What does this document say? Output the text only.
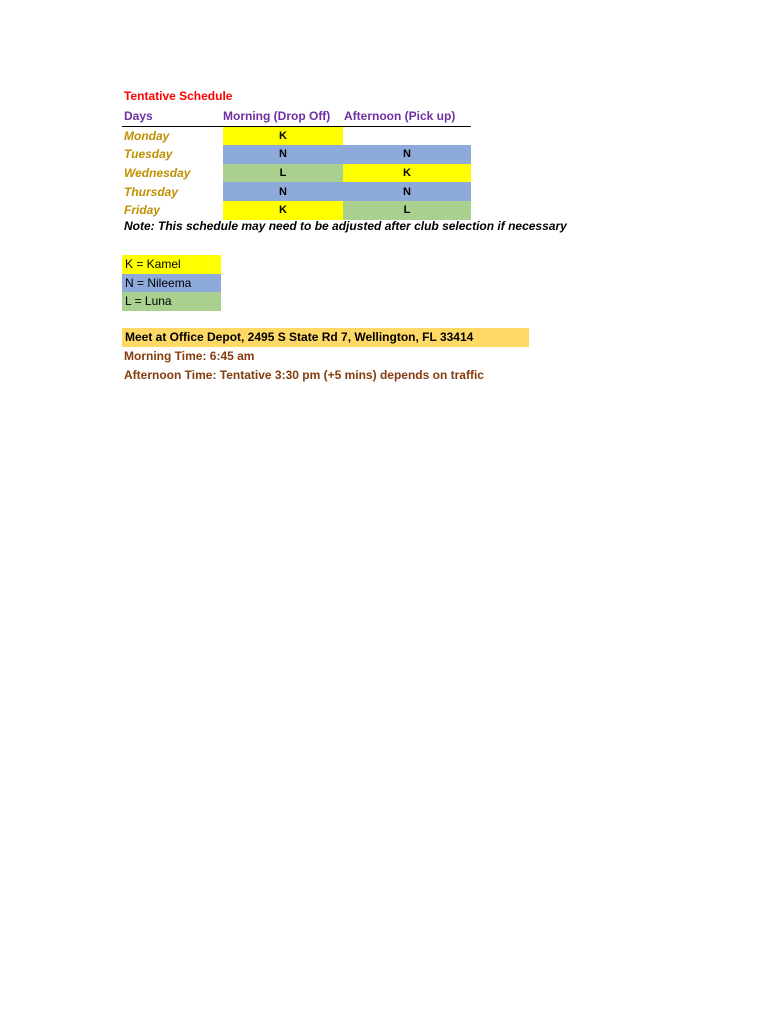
Tentative Schedule
Days	Morning (Drop Off)	Afternoon (Pick up)
Monday	K	
Tuesday	N	N
Wednesday	L	K
Thursday	N	N
Friday	K	L
Note: This schedule may need to be adjusted after club selection if necessary
K = Kamel
N = Nileema
L = Luna
Meet at Office Depot, 2495 S State Rd 7, Wellington, FL 33414
Morning Time: 6:45 am
Afternoon Time: Tentative 3:30 pm (+5 mins) depends on traffic
